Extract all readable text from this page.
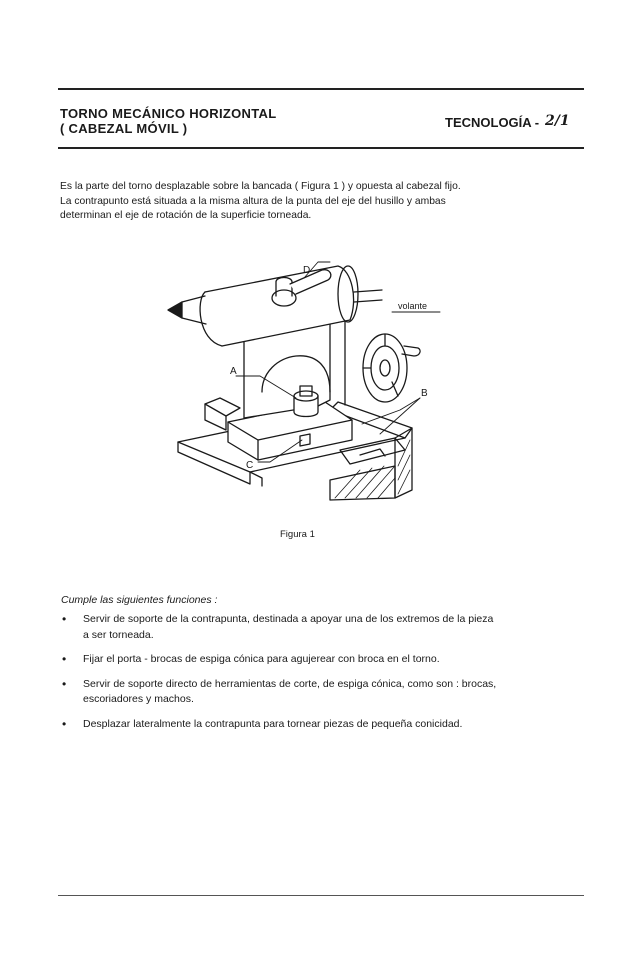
TORNO MECÁNICO HORIZONTAL
( CABEZAL MÓVIL )	TECNOLOGÍA - 2/1
Es la parte del torno desplazable sobre la bancada ( Figura 1 ) y opuesta al cabezal fijo.
La contrapunto está situada a la misma altura de la punta del eje del husillo y ambas
determinan el eje de rotación de la superficie torneada.
D
volante
A
B
C
Figura 1
Cumple las siguientes funciones :
• Servir de soporte de la contrapunta, destinada a apoyar una de los extremos de la pieza
a ser torneada.
• Fijar el porta - brocas de espiga cónica para agujerear con broca en el torno.
• Servir de soporte directo de herramientas de corte, de espiga cónica, como son : brocas,
escoriadores y machos.
• Desplazar lateralmente la contrapunta para tornear piezas de pequeña conicidad.
